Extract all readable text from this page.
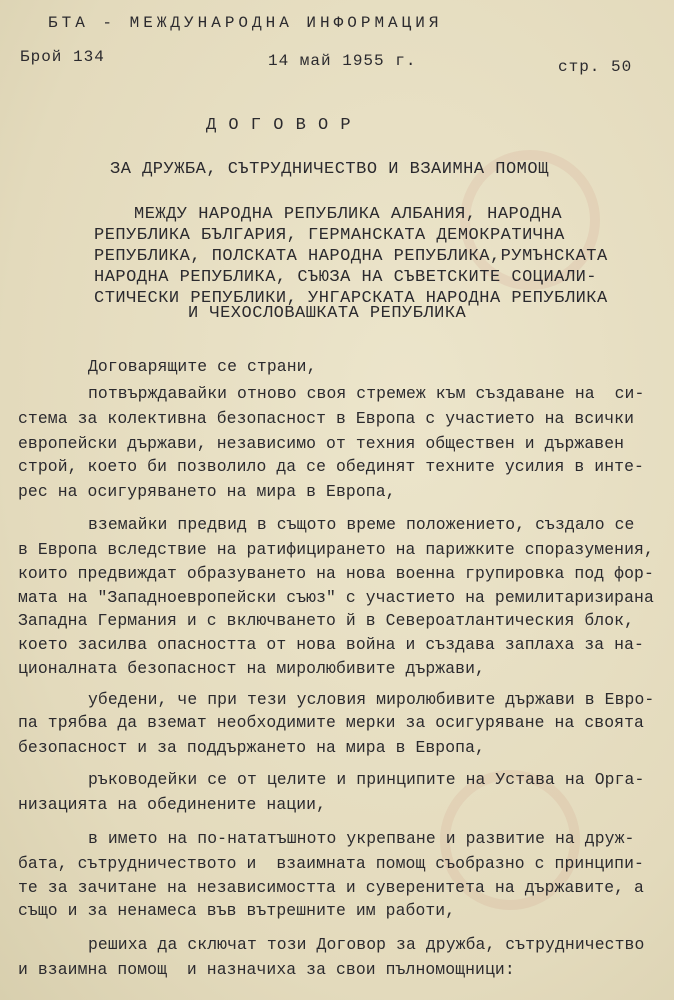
БТА - МЕЖДУНАРОДНА ИНФОРМАЦИЯ
Брой 134	14 май 1955 г.	стр. 50
Д О Г О В О Р
ЗА ДРУЖБА, СЪТРУДНИЧЕСТВО И ВЗАИМНА ПОМОЩ
МЕЖДУ НАРОДНА РЕПУБЛИКА АЛБАНИЯ, НАРОДНА
РЕПУБЛИКА БЪЛГАРИЯ, ГЕРМАНСКАТА ДЕМОКРАТИЧНА
РЕПУБЛИКА, ПОЛСКАТА НАРОДНА РЕПУБЛИКА,РУМЪНСКАТА
НАРОДНА РЕПУБЛИКА, СЪЮЗА НА СЪВЕТСКИТЕ СОЦИАЛИ-
СТИЧЕСКИ РЕПУБЛИКИ, УНГАРСКАТА НАРОДНА РЕПУБЛИКА
И ЧЕХОСЛОВАШКАТА РЕПУБЛИКА
Договарящите се страни,
потвърждавайки отново своя стремеж към създаване на  си-
стема за колективна безопасност в Европа с участието на всички
европейски държави, независимо от техния обществен и държавен
строй, което би позволило да се обединят техните усилия в инте-
рес на осигуряването на мира в Европа,
вземайки предвид в същото време положението, създало се
в Европа вследствие на ратифицирането на парижките споразумения,
които предвиждат образуването на нова военна групировка под фор-
мата на "Западноевропейски съюз" с участието на ремилитаризирана
Западна Германия и с включването й в Североатлантическия блок,
което засилва опасността от нова война и създава заплаха за на-
ционалната безопасност на миролюбивите държави,
убедени, че при тези условия миролюбивите държави в Евро-
па трябва да вземат необходимите мерки за осигуряване на своята
безопасност и за поддържането на мира в Европа,
ръководейки се от целите и принципите на Устава на Орга-
низацията на обединените нации,
в името на по-нататъшното укрепване и развитие на друж-
бата, сътрудничеството и  взаимната помощ съобразно с принципи-
те за зачитане на независимостта и суверенитета на държавите, а
също и за ненамеса във вътрешните им работи,
решиха да сключат този Договор за дружба, сътрудничество
и взаимна помощ  и назначиха за свои пълномощници:
